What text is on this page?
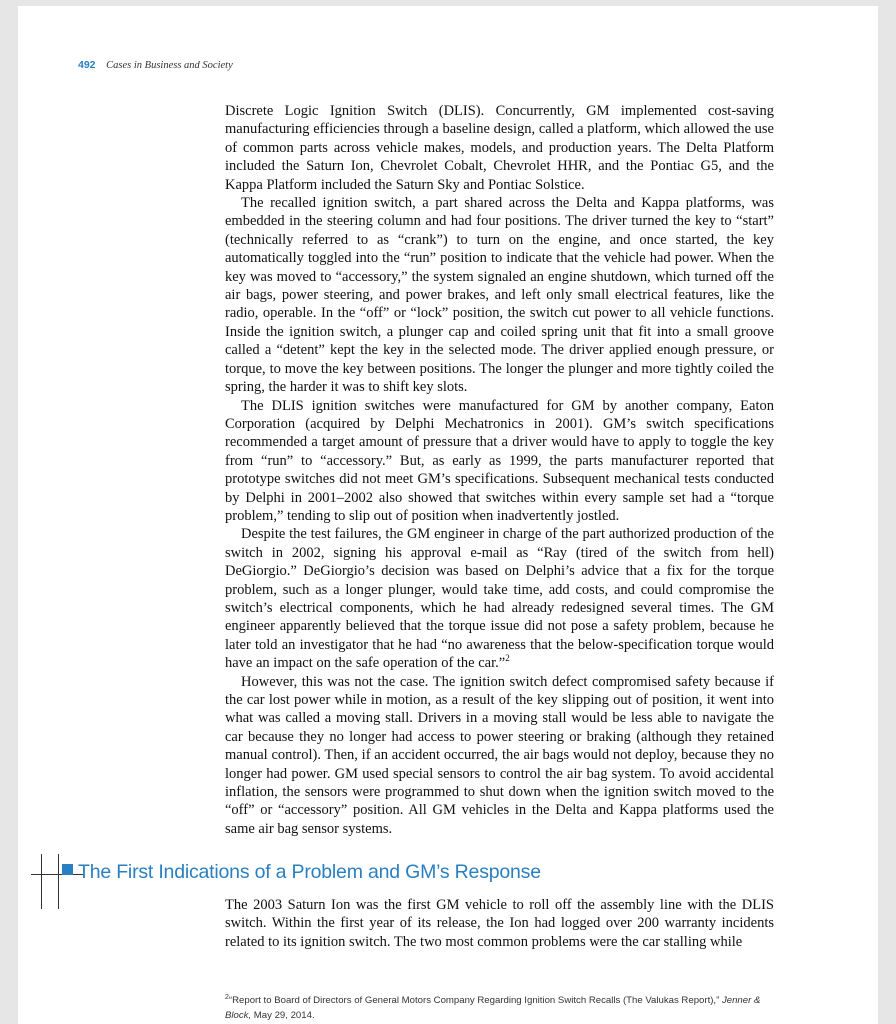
492 Cases in Business and Society

Discrete Logic Ignition Switch (DLIS). Concurrently, GM implemented cost-saving manufacturing efficiencies through a baseline design, called a platform, which allowed the use of common parts across vehicle makes, models, and production years. The Delta Platform included the Saturn Ion, Chevrolet Cobalt, Chevrolet HHR, and the Pontiac G5, and the Kappa Platform included the Saturn Sky and Pontiac Solstice.

The recalled ignition switch, a part shared across the Delta and Kappa platforms, was embedded in the steering column and had four positions. The driver turned the key to “start” (technically referred to as “crank”) to turn on the engine, and once started, the key automatically toggled into the “run” position to indicate that the vehicle had power. When the key was moved to “accessory,” the system signaled an engine shutdown, which turned off the air bags, power steering, and power brakes, and left only small electrical features, like the radio, operable. In the “off” or “lock” position, the switch cut power to all vehicle functions. Inside the ignition switch, a plunger cap and coiled spring unit that fit into a small groove called a “detent” kept the key in the selected mode. The driver applied enough pressure, or torque, to move the key between positions. The longer the plunger and more tightly coiled the spring, the harder it was to shift key slots.

The DLIS ignition switches were manufactured for GM by another company, Eaton Corporation (acquired by Delphi Mechatronics in 2001). GM’s switch specifications recommended a target amount of pressure that a driver would have to apply to toggle the key from “run” to “accessory.” But, as early as 1999, the parts manufacturer reported that prototype switches did not meet GM’s specifications. Subsequent mechanical tests conducted by Delphi in 2001–2002 also showed that switches within every sample set had a “torque problem,” tending to slip out of position when inadvertently jostled.

Despite the test failures, the GM engineer in charge of the part authorized production of the switch in 2002, signing his approval e-mail as “Ray (tired of the switch from hell) DeGiorgio.” DeGiorgio’s decision was based on Delphi’s advice that a fix for the torque problem, such as a longer plunger, would take time, add costs, and could compromise the switch’s electrical components, which he had already redesigned several times. The GM engineer apparently believed that the torque issue did not pose a safety problem, because he later told an investigator that he had “no awareness that the below-specification torque would have an impact on the safe operation of the car.”$^2$

However, this was not the case. The ignition switch defect compromised safety because if the car lost power while in motion, as a result of the key slipping out of position, it went into what was called a moving stall. Drivers in a moving stall would be less able to navigate the car because they no longer had access to power steering or braking (although they retained manual control). Then, if an accident occurred, the air bags would not deploy, because they no longer had power. GM used special sensors to control the air bag system. To avoid accidental inflation, the sensors were programmed to shut down when the ignition switch moved to the “off” or “accessory” position. All GM vehicles in the Delta and Kappa platforms used the same air bag sensor systems.

The First Indications of a Problem and GM’s Response

The 2003 Saturn Ion was the first GM vehicle to roll off the assembly line with the DLIS switch. Within the first year of its release, the Ion had logged over 200 warranty incidents related to its ignition switch. The two most common problems were the car stalling while

$^2$“Report to Board of Directors of General Motors Company Regarding Ignition Switch Recalls (The Valukas Report),” Jenner & Block, May 29, 2014.
